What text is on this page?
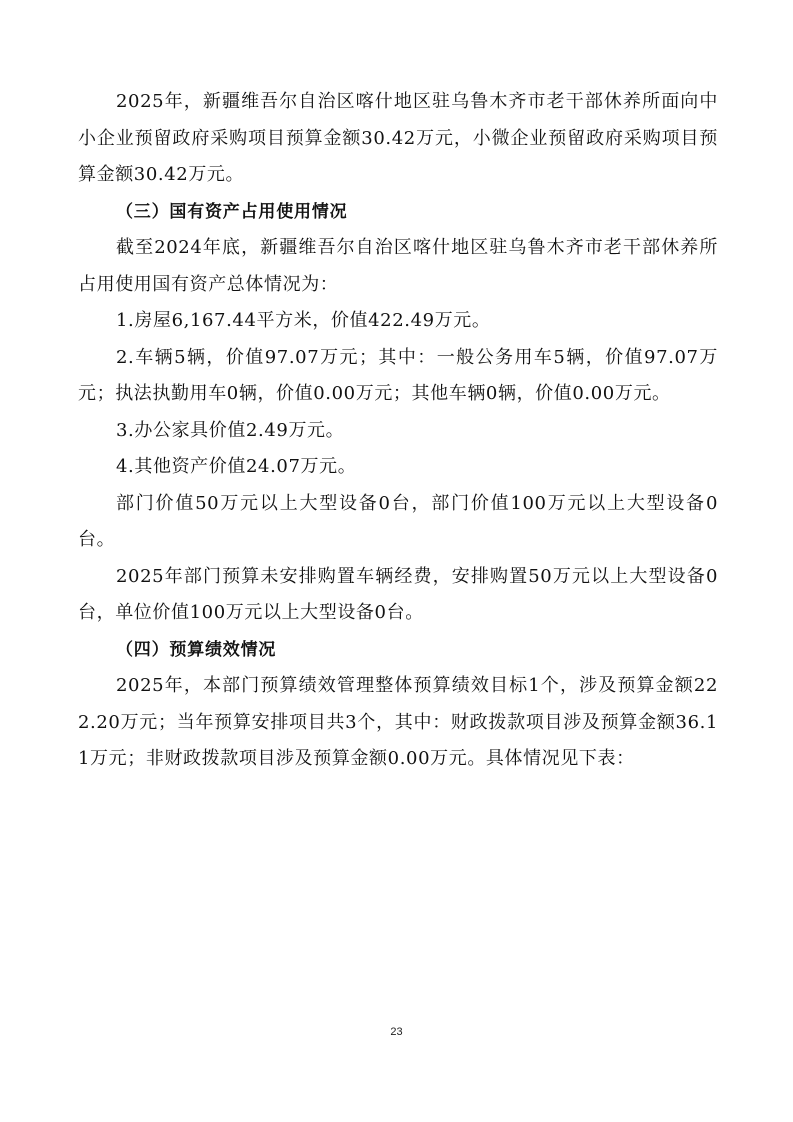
2025年，新疆维吾尔自治区喀什地区驻乌鲁木齐市老干部休养所面向中小企业预留政府采购项目预算金额30.42万元，小微企业预留政府采购项目预算金额30.42万元。

（三）国有资产占用使用情况

截至2024年底，新疆维吾尔自治区喀什地区驻乌鲁木齐市老干部休养所占用使用国有资产总体情况为：

1.房屋6,167.44平方米，价值422.49万元。

2.车辆5辆，价值97.07万元；其中：一般公务用车5辆，价值97.07万元；执法执勤用车0辆，价值0.00万元；其他车辆0辆，价值0.00万元。

3.办公家具价值2.49万元。

4.其他资产价值24.07万元。

部门价值50万元以上大型设备0台，部门价值100万元以上大型设备0台。

2025年部门预算未安排购置车辆经费，安排购置50万元以上大型设备0台，单位价值100万元以上大型设备0台。

（四）预算绩效情况

2025年，本部门预算绩效管理整体预算绩效目标1个，涉及预算金额222.20万元；当年预算安排项目共3个，其中：财政拨款项目涉及预算金额36.11万元；非财政拨款项目涉及预算金额0.00万元。具体情况见下表：

23
